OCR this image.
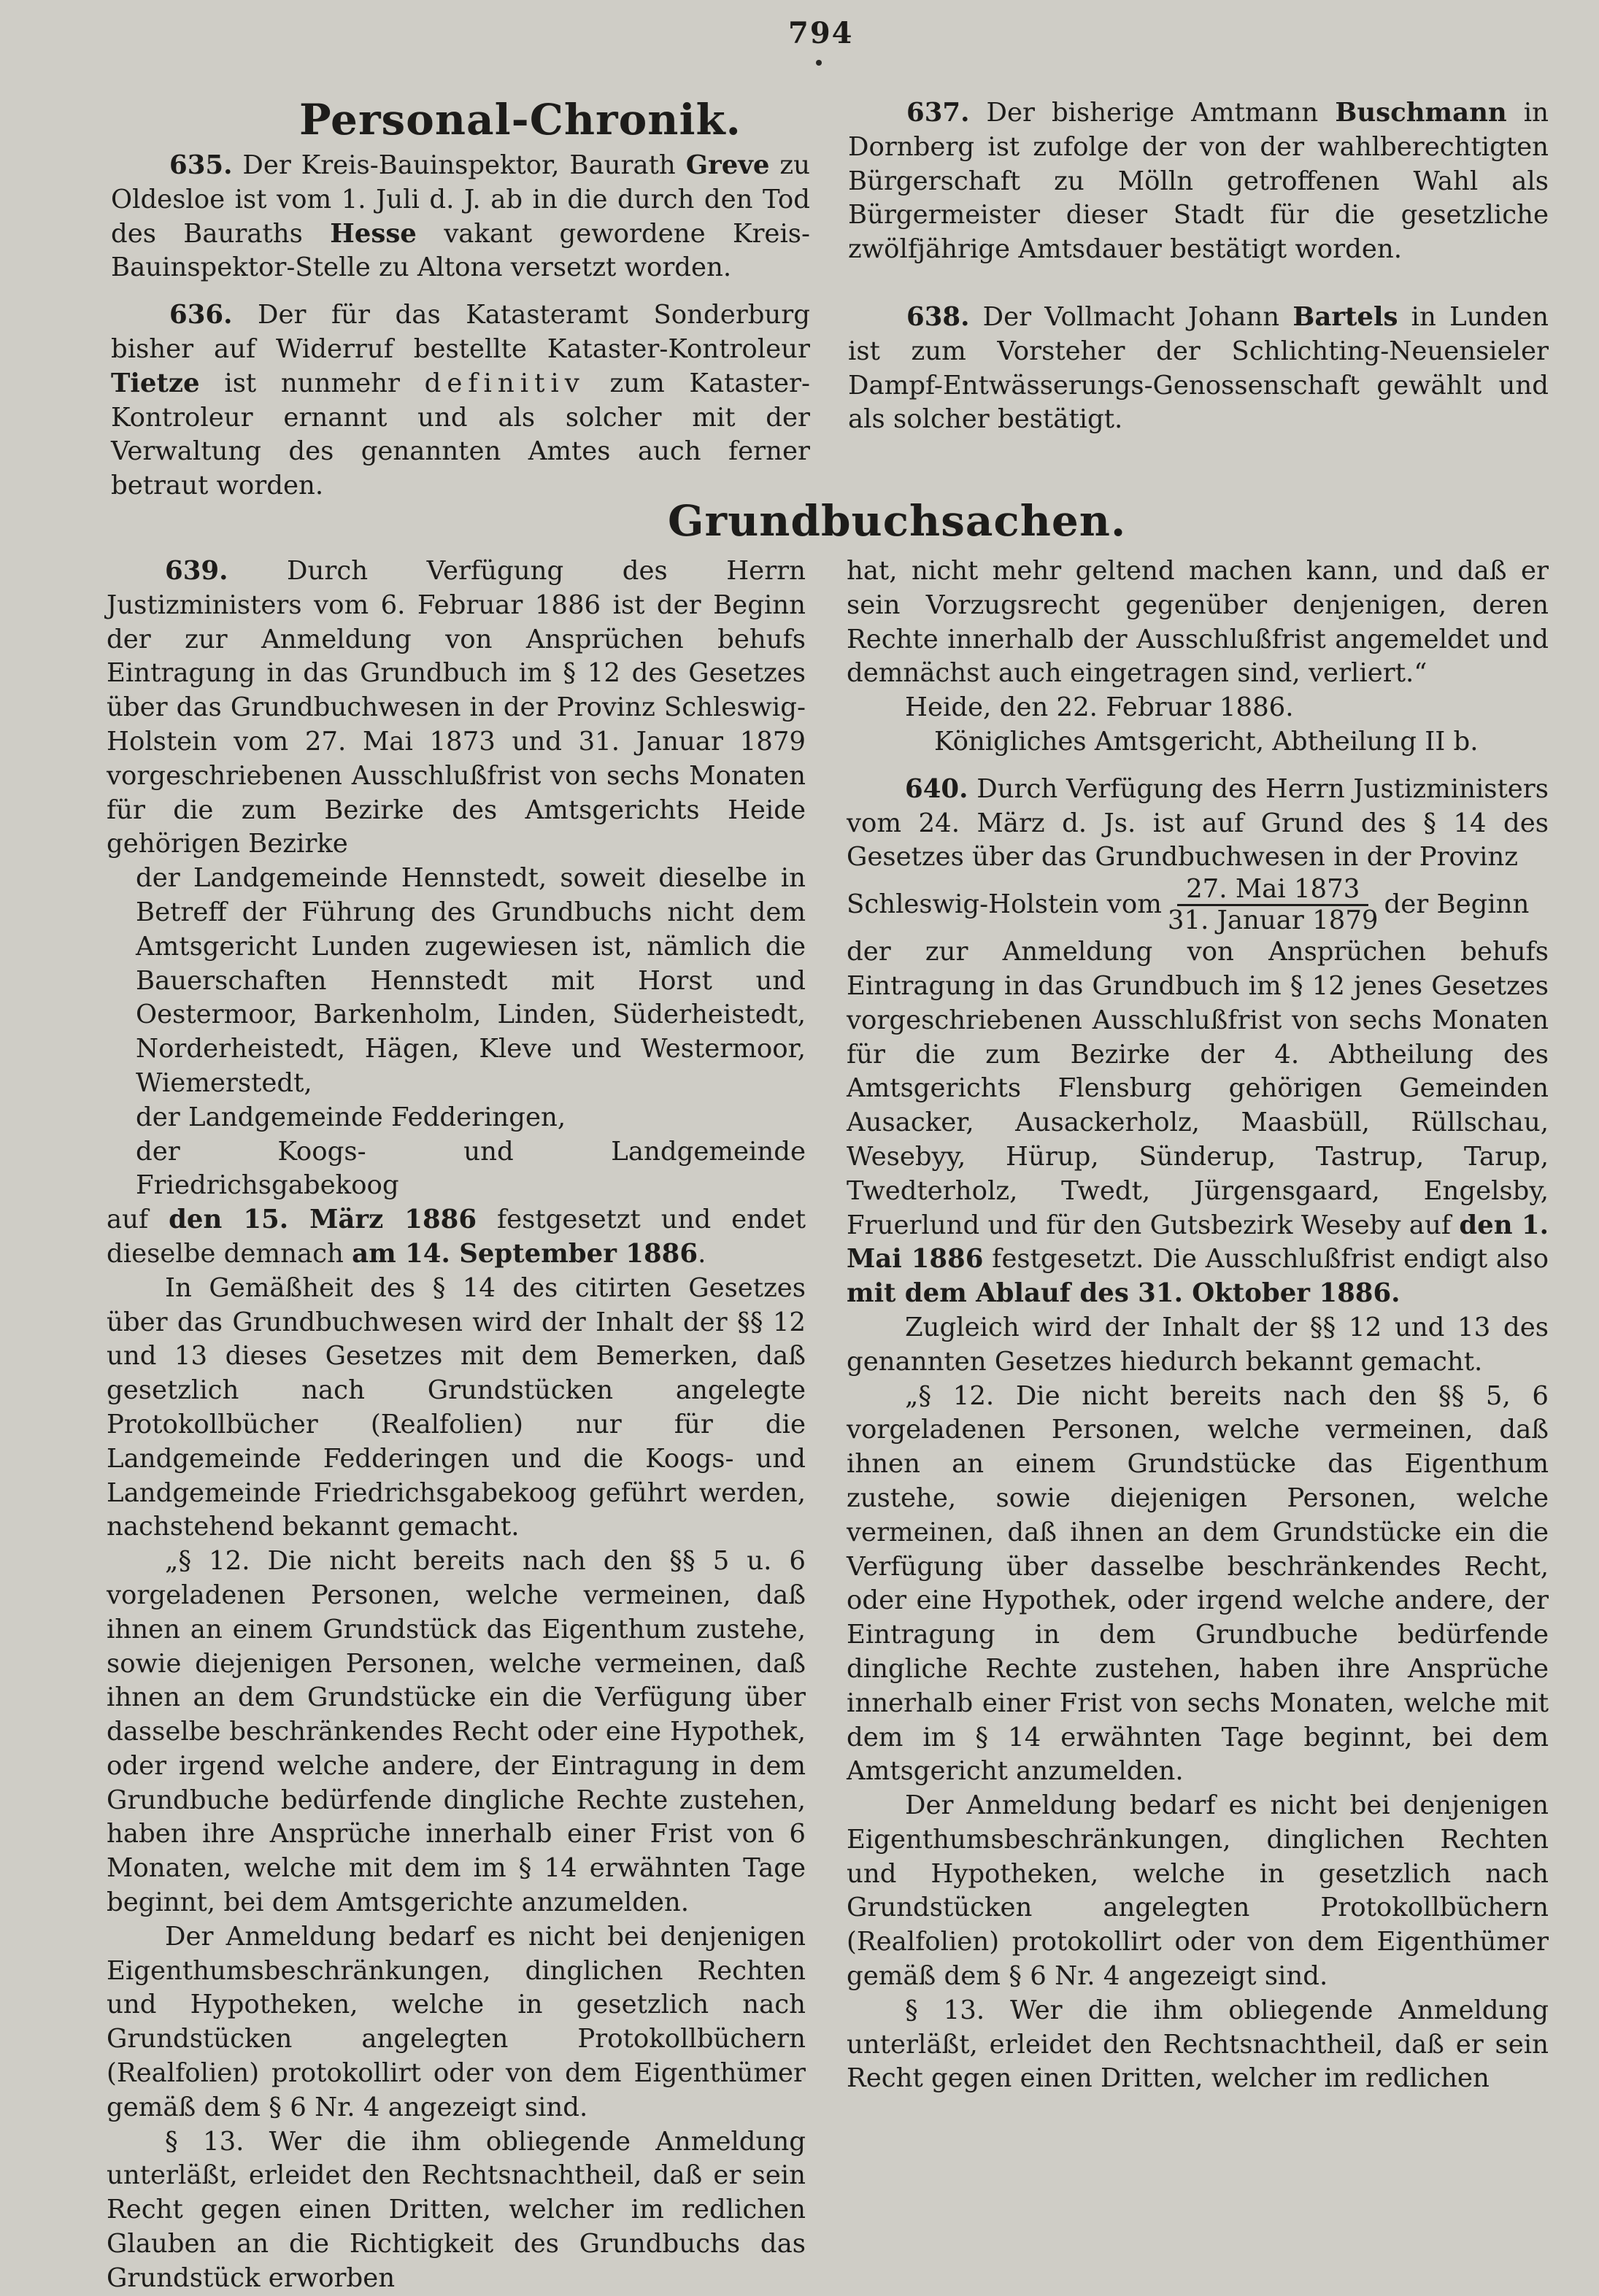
794
Personal-Chronik.

635. Der Kreis-Bauinspektor, Baurath Greve zu Oldesloe ist vom 1. Juli d. J. ab in die durch den Tod des Bauraths Hesse vakant gewordene Kreis-Bauinspektor-Stelle zu Altona versetzt worden.

636. Der für das Katasteramt Sonderburg bisher auf Widerruf bestellte Kataster-Kontroleur Tietze ist nunmehr definitiv zum Kataster-Kontroleur ernannt und als solcher mit der Verwaltung des genannten Amtes auch ferner betraut worden.

637. Der bisherige Amtmann Buschmann in Dornberg ist zufolge der von der wahlberechtigten Bürgerschaft zu Mölln getroffenen Wahl als Bürgermeister dieser Stadt für die gesetzliche zwölfjährige Amtsdauer bestätigt worden.

638. Der Vollmacht Johann Bartels in Lunden ist zum Vorsteher der Schlichting-Neuensieler Dampf-Entwässerungs-Genossenschaft gewählt und als solcher bestätigt.

Grundbuchsachen.

639. Durch Verfügung des Herrn Justizministers vom 6. Februar 1886 ist der Beginn der zur Anmeldung von Ansprüchen behufs Eintragung in das Grundbuch im § 12 des Gesetzes über das Grundbuchwesen in der Provinz Schleswig-Holstein vom 27. Mai 1873 und 31. Januar 1879 vorgeschriebenen Ausschlußfrist von sechs Monaten für die zum Bezirke des Amtsgerichts Heide gehörigen Bezirke

der Landgemeinde Hennstedt, soweit dieselbe in Betreff der Führung des Grundbuchs nicht dem Amtsgericht Lunden zugewiesen ist, nämlich die Bauerschaften Hennstedt mit Horst und Oestermoor, Barkenholm, Linden, Süderheistedt, Norderheistedt, Hägen, Kleve und Westermoor, Wiemerstedt,

der Landgemeinde Fedderingen,

der Koogs- und Landgemeinde Friedrichsgabekoog

auf den 15. März 1886 festgesetzt und endet dieselbe demnach am 14. September 1886.

In Gemäßheit des § 14 des citirten Gesetzes über das Grundbuchwesen wird der Inhalt der §§ 12 und 13 dieses Gesetzes mit dem Bemerken, daß gesetzlich nach Grundstücken angelegte Protokollbücher (Realfolien) nur für die Landgemeinde Fedderingen und die Koogs- und Landgemeinde Friedrichsgabekoog geführt werden, nachstehend bekannt gemacht.

„§ 12. Die nicht bereits nach den §§ 5 u. 6 vorgeladenen Personen, welche vermeinen, daß ihnen an einem Grundstück das Eigenthum zustehe, sowie diejenigen Personen, welche vermeinen, daß ihnen an dem Grundstücke ein die Verfügung über dasselbe beschränkendes Recht oder eine Hypothek, oder irgend welche andere, der Eintragung in dem Grundbuche bedürfende dingliche Rechte zustehen, haben ihre Ansprüche innerhalb einer Frist von 6 Monaten, welche mit dem im § 14 erwähnten Tage beginnt, bei dem Amtsgerichte anzumelden.

Der Anmeldung bedarf es nicht bei denjenigen Eigenthumsbeschränkungen, dinglichen Rechten und Hypotheken, welche in gesetzlich nach Grundstücken angelegten Protokollbüchern (Realfolien) protokollirt oder von dem Eigenthümer gemäß dem § 6 Nr. 4 angezeigt sind.

§ 13. Wer die ihm obliegende Anmeldung unterläßt, erleidet den Rechtsnachtheil, daß er sein Recht gegen einen Dritten, welcher im redlichen Glauben an die Richtigkeit des Grundbuchs das Grundstück erworben

hat, nicht mehr geltend machen kann, und daß er sein Vorzugsrecht gegenüber denjenigen, deren Rechte innerhalb der Ausschlußfrist angemeldet und demnächst auch eingetragen sind, verliert.“

Heide, den 22. Februar 1886.

Königliches Amtsgericht, Abtheilung II b.

640. Durch Verfügung des Herrn Justizministers vom 24. März d. Js. ist auf Grund des § 14 des Gesetzes über das Grundbuchwesen in der Provinz

Schleswig-Holstein vom $\frac{\text{27. Mai 1873}}{\text{31. Januar 1879}}$ der Beginn

der zur Anmeldung von Ansprüchen behufs Eintragung in das Grundbuch im § 12 jenes Gesetzes vorgeschriebenen Ausschlußfrist von sechs Monaten für die zum Bezirke der 4. Abtheilung des Amtsgerichts Flensburg gehörigen Gemeinden Ausacker, Ausackerholz, Maasbüll, Rüllschau, Wesebyy, Hürup, Sünderup, Tastrup, Tarup, Twedterholz, Twedt, Jürgensgaard, Engelsby, Fruerlund und für den Gutsbezirk Weseby auf den 1. Mai 1886 festgesetzt. Die Ausschlußfrist endigt also mit dem Ablauf des 31. Oktober 1886.

Zugleich wird der Inhalt der §§ 12 und 13 des genannten Gesetzes hiedurch bekannt gemacht.

„§ 12. Die nicht bereits nach den §§ 5, 6 vorgeladenen Personen, welche vermeinen, daß ihnen an einem Grundstücke das Eigenthum zustehe, sowie diejenigen Personen, welche vermeinen, daß ihnen an dem Grundstücke ein die Verfügung über dasselbe beschränkendes Recht, oder eine Hypothek, oder irgend welche andere, der Eintragung in dem Grundbuche bedürfende dingliche Rechte zustehen, haben ihre Ansprüche innerhalb einer Frist von sechs Monaten, welche mit dem im § 14 erwähnten Tage beginnt, bei dem Amtsgericht anzumelden.

Der Anmeldung bedarf es nicht bei denjenigen Eigenthumsbeschränkungen, dinglichen Rechten und Hypotheken, welche in gesetzlich nach Grundstücken angelegten Protokollbüchern (Realfolien) protokollirt oder von dem Eigenthümer gemäß dem § 6 Nr. 4 angezeigt sind.

§ 13. Wer die ihm obliegende Anmeldung unterläßt, erleidet den Rechtsnachtheil, daß er sein Recht gegen einen Dritten, welcher im redlichen
